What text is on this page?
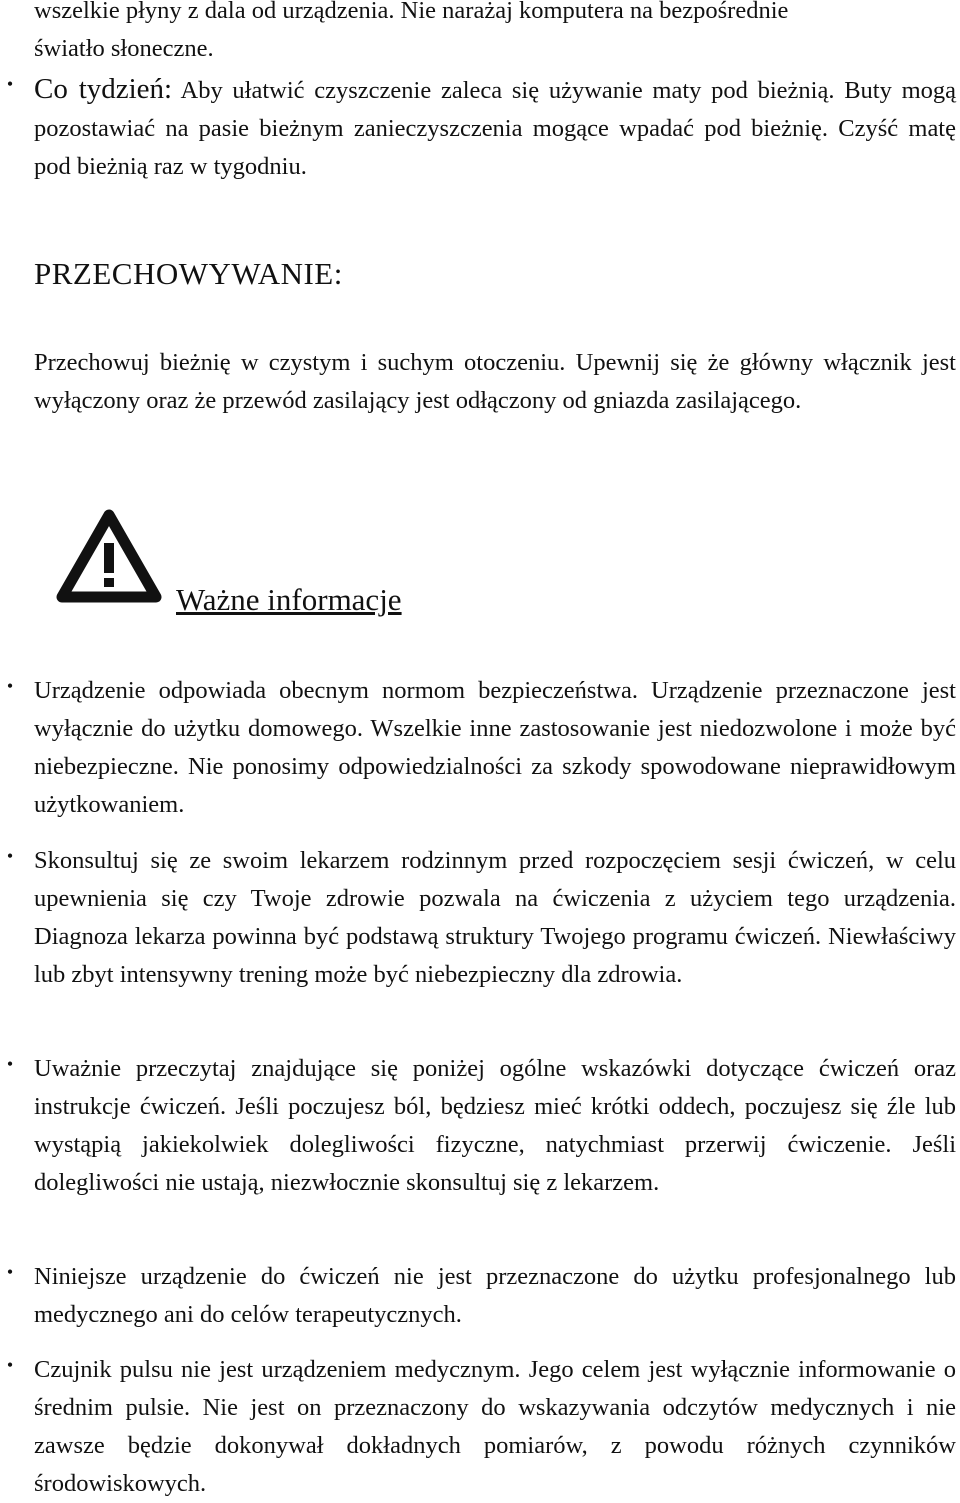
wszelkie płyny z dala od urządzenia. Nie narażaj komputera na bezpośrednie

światło słoneczne.

• Co tydzień: Aby ułatwić czyszczenie zaleca się używanie maty pod bieżnią. Buty mogą pozostawiać na pasie bieżnym zanieczyszczenia mogące wpadać pod bieżnię. Czyść matę pod bieżnią raz w tygodniu.

PRZECHOWYWANIE:

Przechowuj bieżnię w czystym i suchym otoczeniu. Upewnij się że główny włącznik jest wyłączony oraz że przewód zasilający jest odłączony od gniazda zasilającego.

Ważne informacje
• Urządzenie odpowiada obecnym normom bezpieczeństwa. Urządzenie przeznaczone jest wyłącznie do użytku domowego. Wszelkie inne zastosowanie jest niedozwolone i może być niebezpieczne. Nie ponosimy odpowiedzialności za szkody spowodowane nieprawidłowym użytkowaniem.

• Skonsultuj się ze swoim lekarzem rodzinnym przed rozpoczęciem sesji ćwiczeń, w celu upewnienia się czy Twoje zdrowie pozwala na ćwiczenia z użyciem tego urządzenia. Diagnoza lekarza powinna być podstawą struktury Twojego programu ćwiczeń. Niewłaściwy lub zbyt intensywny trening może być niebezpieczny dla zdrowia.

• Uważnie przeczytaj znajdujące się poniżej ogólne wskazówki dotyczące ćwiczeń oraz instrukcje ćwiczeń. Jeśli poczujesz ból, będziesz mieć krótki oddech, poczujesz się źle lub wystąpią jakiekolwiek dolegliwości fizyczne, natychmiast przerwij ćwiczenie. Jeśli dolegliwości nie ustają, niezwłocznie skonsultuj się z lekarzem.

• Niniejsze urządzenie do ćwiczeń nie jest przeznaczone do użytku profesjonalnego lub medycznego ani do celów terapeutycznych.

• Czujnik pulsu nie jest urządzeniem medycznym. Jego celem jest wyłącznie informowanie o średnim pulsie. Nie jest on przeznaczony do wskazywania odczytów medycznych i nie zawsze będzie dokonywał dokładnych pomiarów, z powodu różnych czynników środowiskowych.
